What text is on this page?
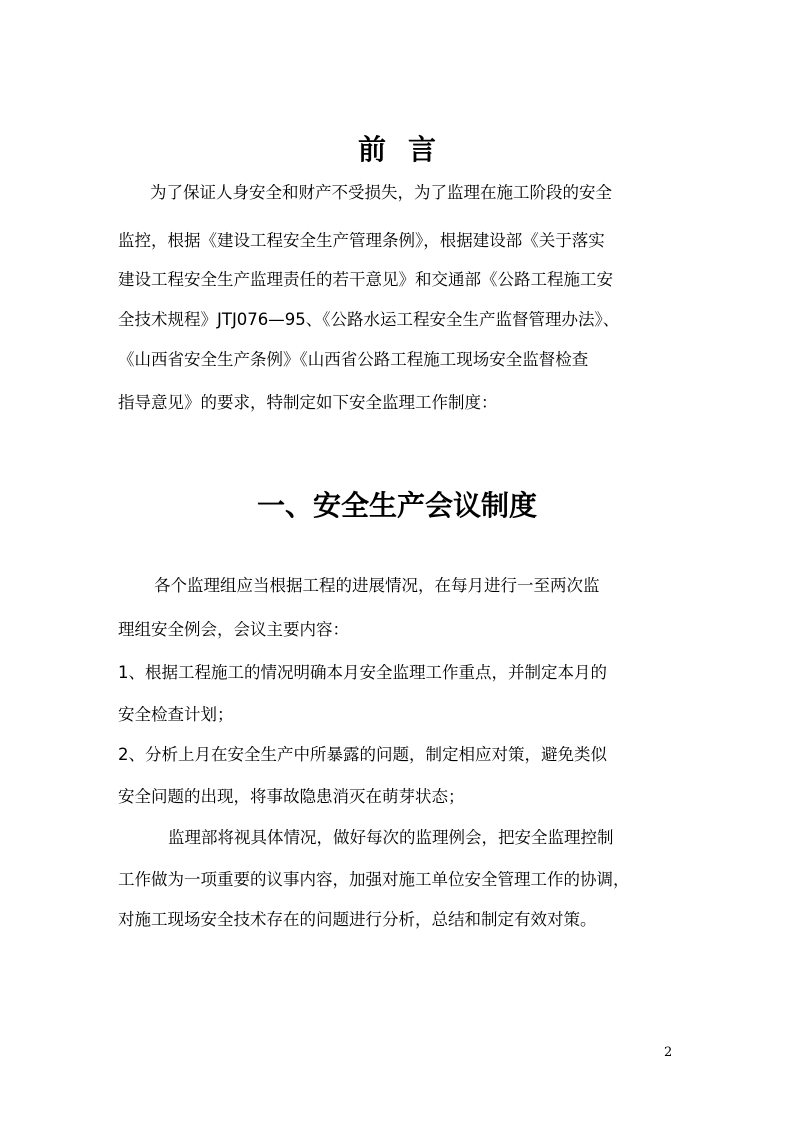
前言
为了保证人身安全和财产不受损失，为了监理在施工阶段的安全
监控，根据《建设工程安全生产管理条例》，根据建设部《关于落实
建设工程安全生产监理责任的若干意见》和交通部《公路工程施工安
全技术规程》JTJ076—95、《公路水运工程安全生产监督管理办法》、
《山西省安全生产条例》《山西省公路工程施工现场安全监督检查
指导意见》的要求，特制定如下安全监理工作制度：
一、安全生产会议制度
各个监理组应当根据工程的进展情况，在每月进行一至两次监
理组安全例会，会议主要内容：
1、根据工程施工的情况明确本月安全监理工作重点，并制定本月的
安全检查计划；
2、分析上月在安全生产中所暴露的问题，制定相应对策，避免类似
安全问题的出现，将事故隐患消灭在萌芽状态；
监理部将视具体情况，做好每次的监理例会，把安全监理控制
工作做为一项重要的议事内容，加强对施工单位安全管理工作的协调，
对施工现场安全技术存在的问题进行分析，总结和制定有效对策。
2
